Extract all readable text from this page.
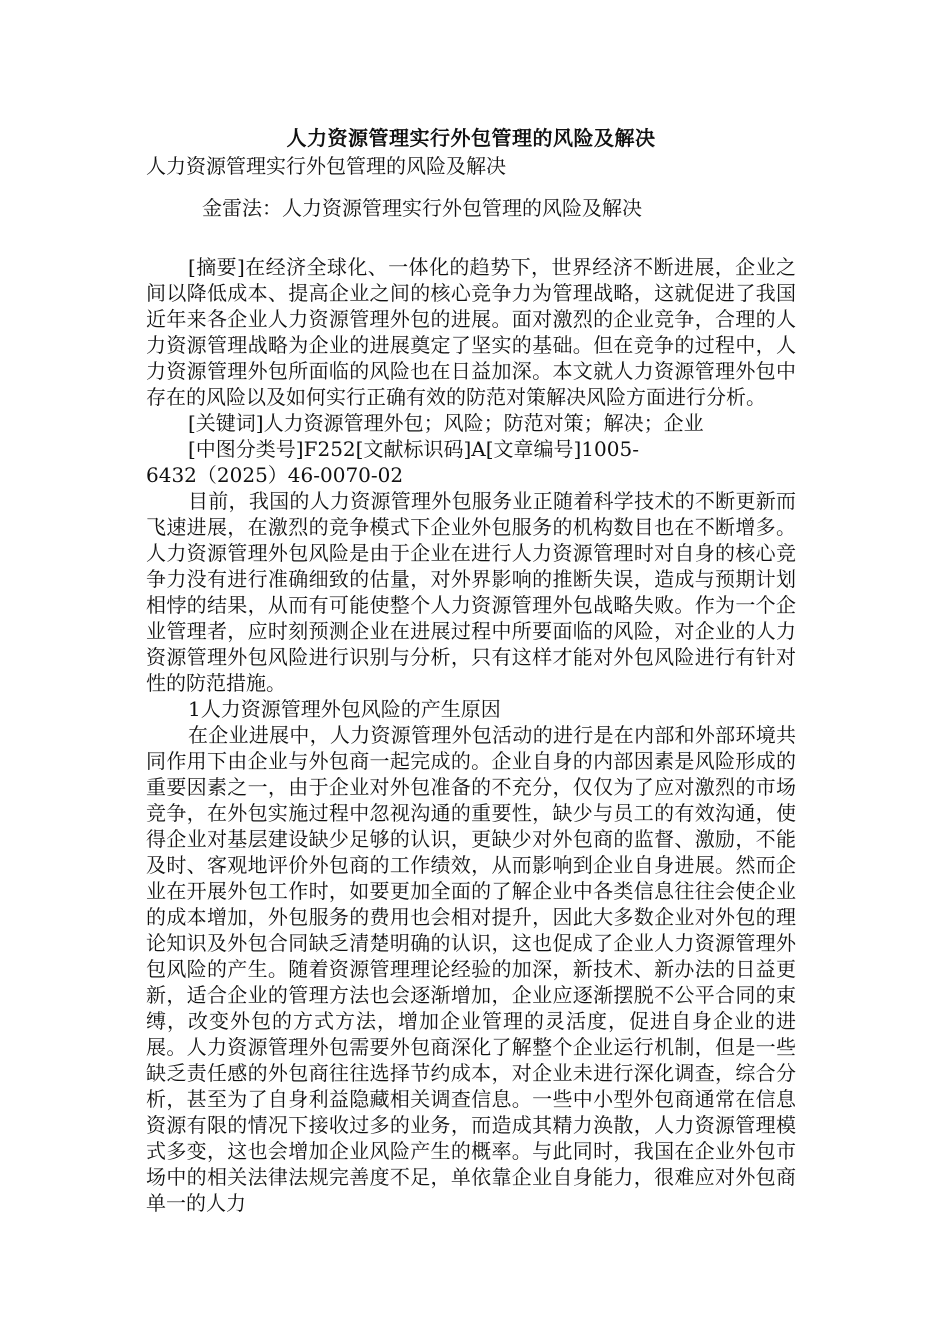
人力资源管理实行外包管理的风险及解决
人力资源管理实行外包管理的风险及解决
金雷法：人力资源管理实行外包管理的风险及解决

[摘要]在经济全球化、一体化的趋势下，世界经济不断进展，企业之间以降低成本、提高企业之间的核心竞争力为管理战略，这就促进了我国近年来各企业人力资源管理外包的进展。面对激烈的企业竞争，合理的人力资源管理战略为企业的进展奠定了坚实的基础。但在竞争的过程中，人力资源管理外包所面临的风险也在日益加深。本文就人力资源管理外包中存在的风险以及如何实行正确有效的防范对策解决风险方面进行分析。

[关键词]人力资源管理外包；风险；防范对策；解决；企业

[中图分类号]F252[文献标识码]A[文章编号]1005-

6432（2025）46-0070-02

目前，我国的人力资源管理外包服务业正随着科学技术的不断更新而飞速进展，在激烈的竞争模式下企业外包服务的机构数目也在不断增多。人力资源管理外包风险是由于企业在进行人力资源管理时对自身的核心竞争力没有进行准确细致的估量，对外界影响的推断失误，造成与预期计划相悖的结果，从而有可能使整个人力资源管理外包战略失败。作为一个企业管理者，应时刻预测企业在进展过程中所要面临的风险，对企业的人力资源管理外包风险进行识别与分析，只有这样才能对外包风险进行有针对性的防范措施。

1人力资源管理外包风险的产生原因

在企业进展中，人力资源管理外包活动的进行是在内部和外部环境共同作用下由企业与外包商一起完成的。企业自身的内部因素是风险形成的重要因素之一，由于企业对外包准备的不充分，仅仅为了应对激烈的市场竞争，在外包实施过程中忽视沟通的重要性，缺少与员工的有效沟通，使得企业对基层建设缺少足够的认识，更缺少对外包商的监督、激励，不能及时、客观地评价外包商的工作绩效，从而影响到企业自身进展。然而企业在开展外包工作时，如要更加全面的了解企业中各类信息往往会使企业的成本增加，外包服务的费用也会相对提升，因此大多数企业对外包的理论知识及外包合同缺乏清楚明确的认识，这也促成了企业人力资源管理外包风险的产生。随着资源管理理论经验的加深，新技术、新办法的日益更新，适合企业的管理方法也会逐渐增加，企业应逐渐摆脱不公平合同的束缚，改变外包的方式方法，增加企业管理的灵活度，促进自身企业的进展。人力资源管理外包需要外包商深化了解整个企业运行机制，但是一些缺乏责任感的外包商往往选择节约成本，对企业未进行深化调查，综合分析，甚至为了自身利益隐藏相关调查信息。一些中小型外包商通常在信息资源有限的情况下接收过多的业务，而造成其精力涣散，人力资源管理模式多变，这也会增加企业风险产生的概率。与此同时，我国在企业外包市场中的相关法律法规完善度不足，单依靠企业自身能力，很难应对外包商单一的人力
